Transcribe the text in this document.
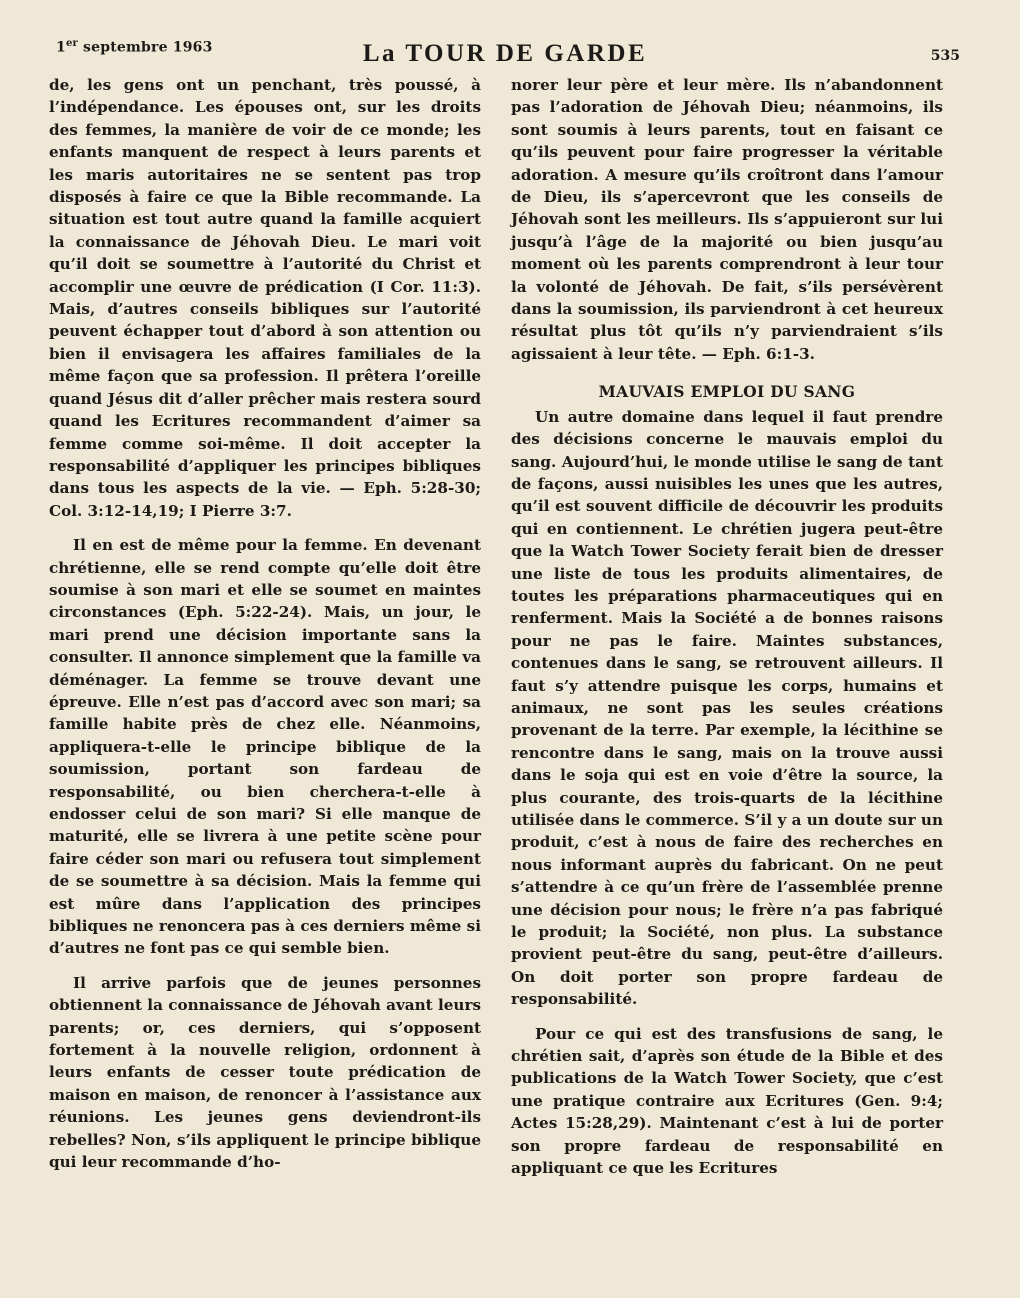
1er septembre 1963	La TOUR DE GARDE	535

de, les gens ont un penchant, très poussé, à l’indépendance. Les épouses ont, sur les droits des femmes, la manière de voir de ce monde; les enfants manquent de respect à leurs parents et les maris autoritaires ne se sentent pas trop disposés à faire ce que la Bible recommande. La situation est tout autre quand la famille acquiert la connaissance de Jéhovah Dieu. Le mari voit qu’il doit se soumettre à l’autorité du Christ et accomplir une œuvre de prédication (I Cor. 11:3). Mais, d’autres conseils bibliques sur l’autorité peuvent échapper tout d’abord à son attention ou bien il envisagera les affaires familiales de la même façon que sa profession. Il prêtera l’oreille quand Jésus dit d’aller prêcher mais restera sourd quand les Ecritures recommandent d’aimer sa femme comme soi-même. Il doit accepter la responsabilité d’appliquer les principes bibliques dans tous les aspects de la vie. — Eph. 5:28-30; Col. 3:12-14,19; I Pierre 3:7.

Il en est de même pour la femme. En devenant chrétienne, elle se rend compte qu’elle doit être soumise à son mari et elle se soumet en maintes circonstances (Eph. 5:22-24). Mais, un jour, le mari prend une décision importante sans la consulter. Il annonce simplement que la famille va déménager. La femme se trouve devant une épreuve. Elle n’est pas d’accord avec son mari; sa famille habite près de chez elle. Néanmoins, appliquera-t-elle le principe biblique de la soumission, portant son fardeau de responsabilité, ou bien cherchera-t-elle à endosser celui de son mari? Si elle manque de maturité, elle se livrera à une petite scène pour faire céder son mari ou refusera tout simplement de se soumettre à sa décision. Mais la femme qui est mûre dans l’application des principes bibliques ne renoncera pas à ces derniers même si d’autres ne font pas ce qui semble bien.

Il arrive parfois que de jeunes personnes obtiennent la connaissance de Jéhovah avant leurs parents; or, ces derniers, qui s’opposent fortement à la nouvelle religion, ordonnent à leurs enfants de cesser toute prédication de maison en maison, de renoncer à l’assistance aux réunions. Les jeunes gens deviendront-ils rebelles? Non, s’ils appliquent le principe biblique qui leur recommande d’ho-

norer leur père et leur mère. Ils n’abandonnent pas l’adoration de Jéhovah Dieu; néanmoins, ils sont soumis à leurs parents, tout en faisant ce qu’ils peuvent pour faire progresser la véritable adoration. A mesure qu’ils croîtront dans l’amour de Dieu, ils s’apercevront que les conseils de Jéhovah sont les meilleurs. Ils s’appuieront sur lui jusqu’à l’âge de la majorité ou bien jusqu’au moment où les parents comprendront à leur tour la volonté de Jéhovah. De fait, s’ils persévèrent dans la soumission, ils parviendront à cet heureux résultat plus tôt qu’ils n’y parviendraient s’ils agissaient à leur tête. — Eph. 6:1-3.

MAUVAIS EMPLOI DU SANG

Un autre domaine dans lequel il faut prendre des décisions concerne le mauvais emploi du sang. Aujourd’hui, le monde utilise le sang de tant de façons, aussi nuisibles les unes que les autres, qu’il est souvent difficile de découvrir les produits qui en contiennent. Le chrétien jugera peut-être que la Watch Tower Society ferait bien de dresser une liste de tous les produits alimentaires, de toutes les préparations pharmaceutiques qui en renferment. Mais la Société a de bonnes raisons pour ne pas le faire. Maintes substances, contenues dans le sang, se retrouvent ailleurs. Il faut s’y attendre puisque les corps, humains et animaux, ne sont pas les seules créations provenant de la terre. Par exemple, la lécithine se rencontre dans le sang, mais on la trouve aussi dans le soja qui est en voie d’être la source, la plus courante, des trois-quarts de la lécithine utilisée dans le commerce. S’il y a un doute sur un produit, c’est à nous de faire des recherches en nous informant auprès du fabricant. On ne peut s’attendre à ce qu’un frère de l’assemblée prenne une décision pour nous; le frère n’a pas fabriqué le produit; la Société, non plus. La substance provient peut-être du sang, peut-être d’ailleurs. On doit porter son propre fardeau de responsabilité.

Pour ce qui est des transfusions de sang, le chrétien sait, d’après son étude de la Bible et des publications de la Watch Tower Society, que c’est une pratique contraire aux Ecritures (Gen. 9:4; Actes 15:28,29). Maintenant c’est à lui de porter son propre fardeau de responsabilité en appliquant ce que les Ecritures
